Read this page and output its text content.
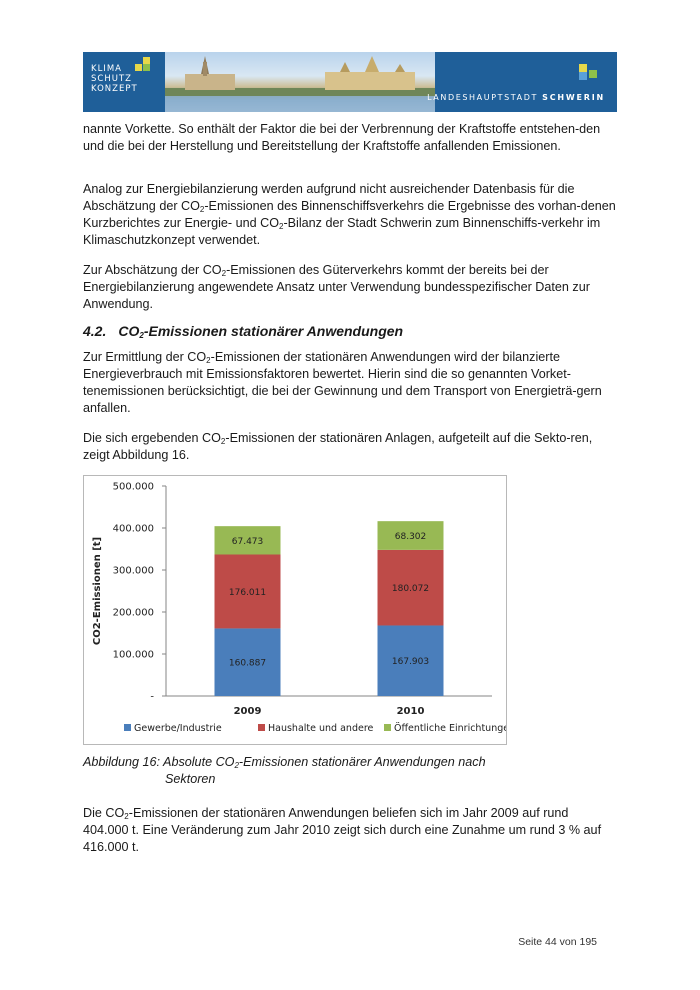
KLIMA
SCHUTZ
KONZEPT
LANDESHAUPTSTADT SCHWERIN

nannte Vorkette. So enthält der Faktor die bei der Verbrennung der Kraftstoffe entstehen-den und die bei der Herstellung und Bereitstellung der Kraftstoffe anfallenden Emissionen.

Analog zur Energiebilanzierung werden aufgrund nicht ausreichender Datenbasis für die Abschätzung der $CO_2$-Emissionen des Binnenschiffsverkehrs die Ergebnisse des vorhan-denen Kurzberichtes zur Energie- und $CO_2$-Bilanz der Stadt Schwerin zum Binnenschiffs-verkehr im Klimaschutzkonzept verwendet.

Zur Abschätzung der $CO_2$-Emissionen des Güterverkehrs kommt der bereits bei der Energiebilanzierung angewendete Ansatz unter Verwendung bundesspezifischer Daten zur Anwendung.

4.2. $CO_2$-Emissionen stationärer Anwendungen

Zur Ermittlung der $CO_2$-Emissionen der stationären Anwendungen wird der bilanzierte Energieverbrauch mit Emissionsfaktoren bewertet. Hierin sind die so genannten Vorket-tenemissionen berücksichtigt, die bei der Gewinnung und dem Transport von Energieträ-gern anfallen.

Die sich ergebenden $CO_2$-Emissionen der stationären Anlagen, aufgeteilt auf die Sekto-ren, zeigt Abbildung 16.

-
100.000
200.000
300.000
400.000
500.000
CO2-Emissionen [t]
2009	2010
160.887
176.011
67.473
167.903
180.072
68.302
Gewerbe/Industrie	Haushalte und andere Öffentliche Einrichtungen
Abbildung 16: Absolute $CO_2$-Emissionen stationärer Anwendungen nach
Sektoren

Die $CO_2$-Emissionen der stationären Anwendungen beliefen sich im Jahr 2009 auf rund 404.000 t. Eine Veränderung zum Jahr 2010 zeigt sich durch eine Zunahme um rund 3 % auf 416.000 t.

Seite 44 von 195
